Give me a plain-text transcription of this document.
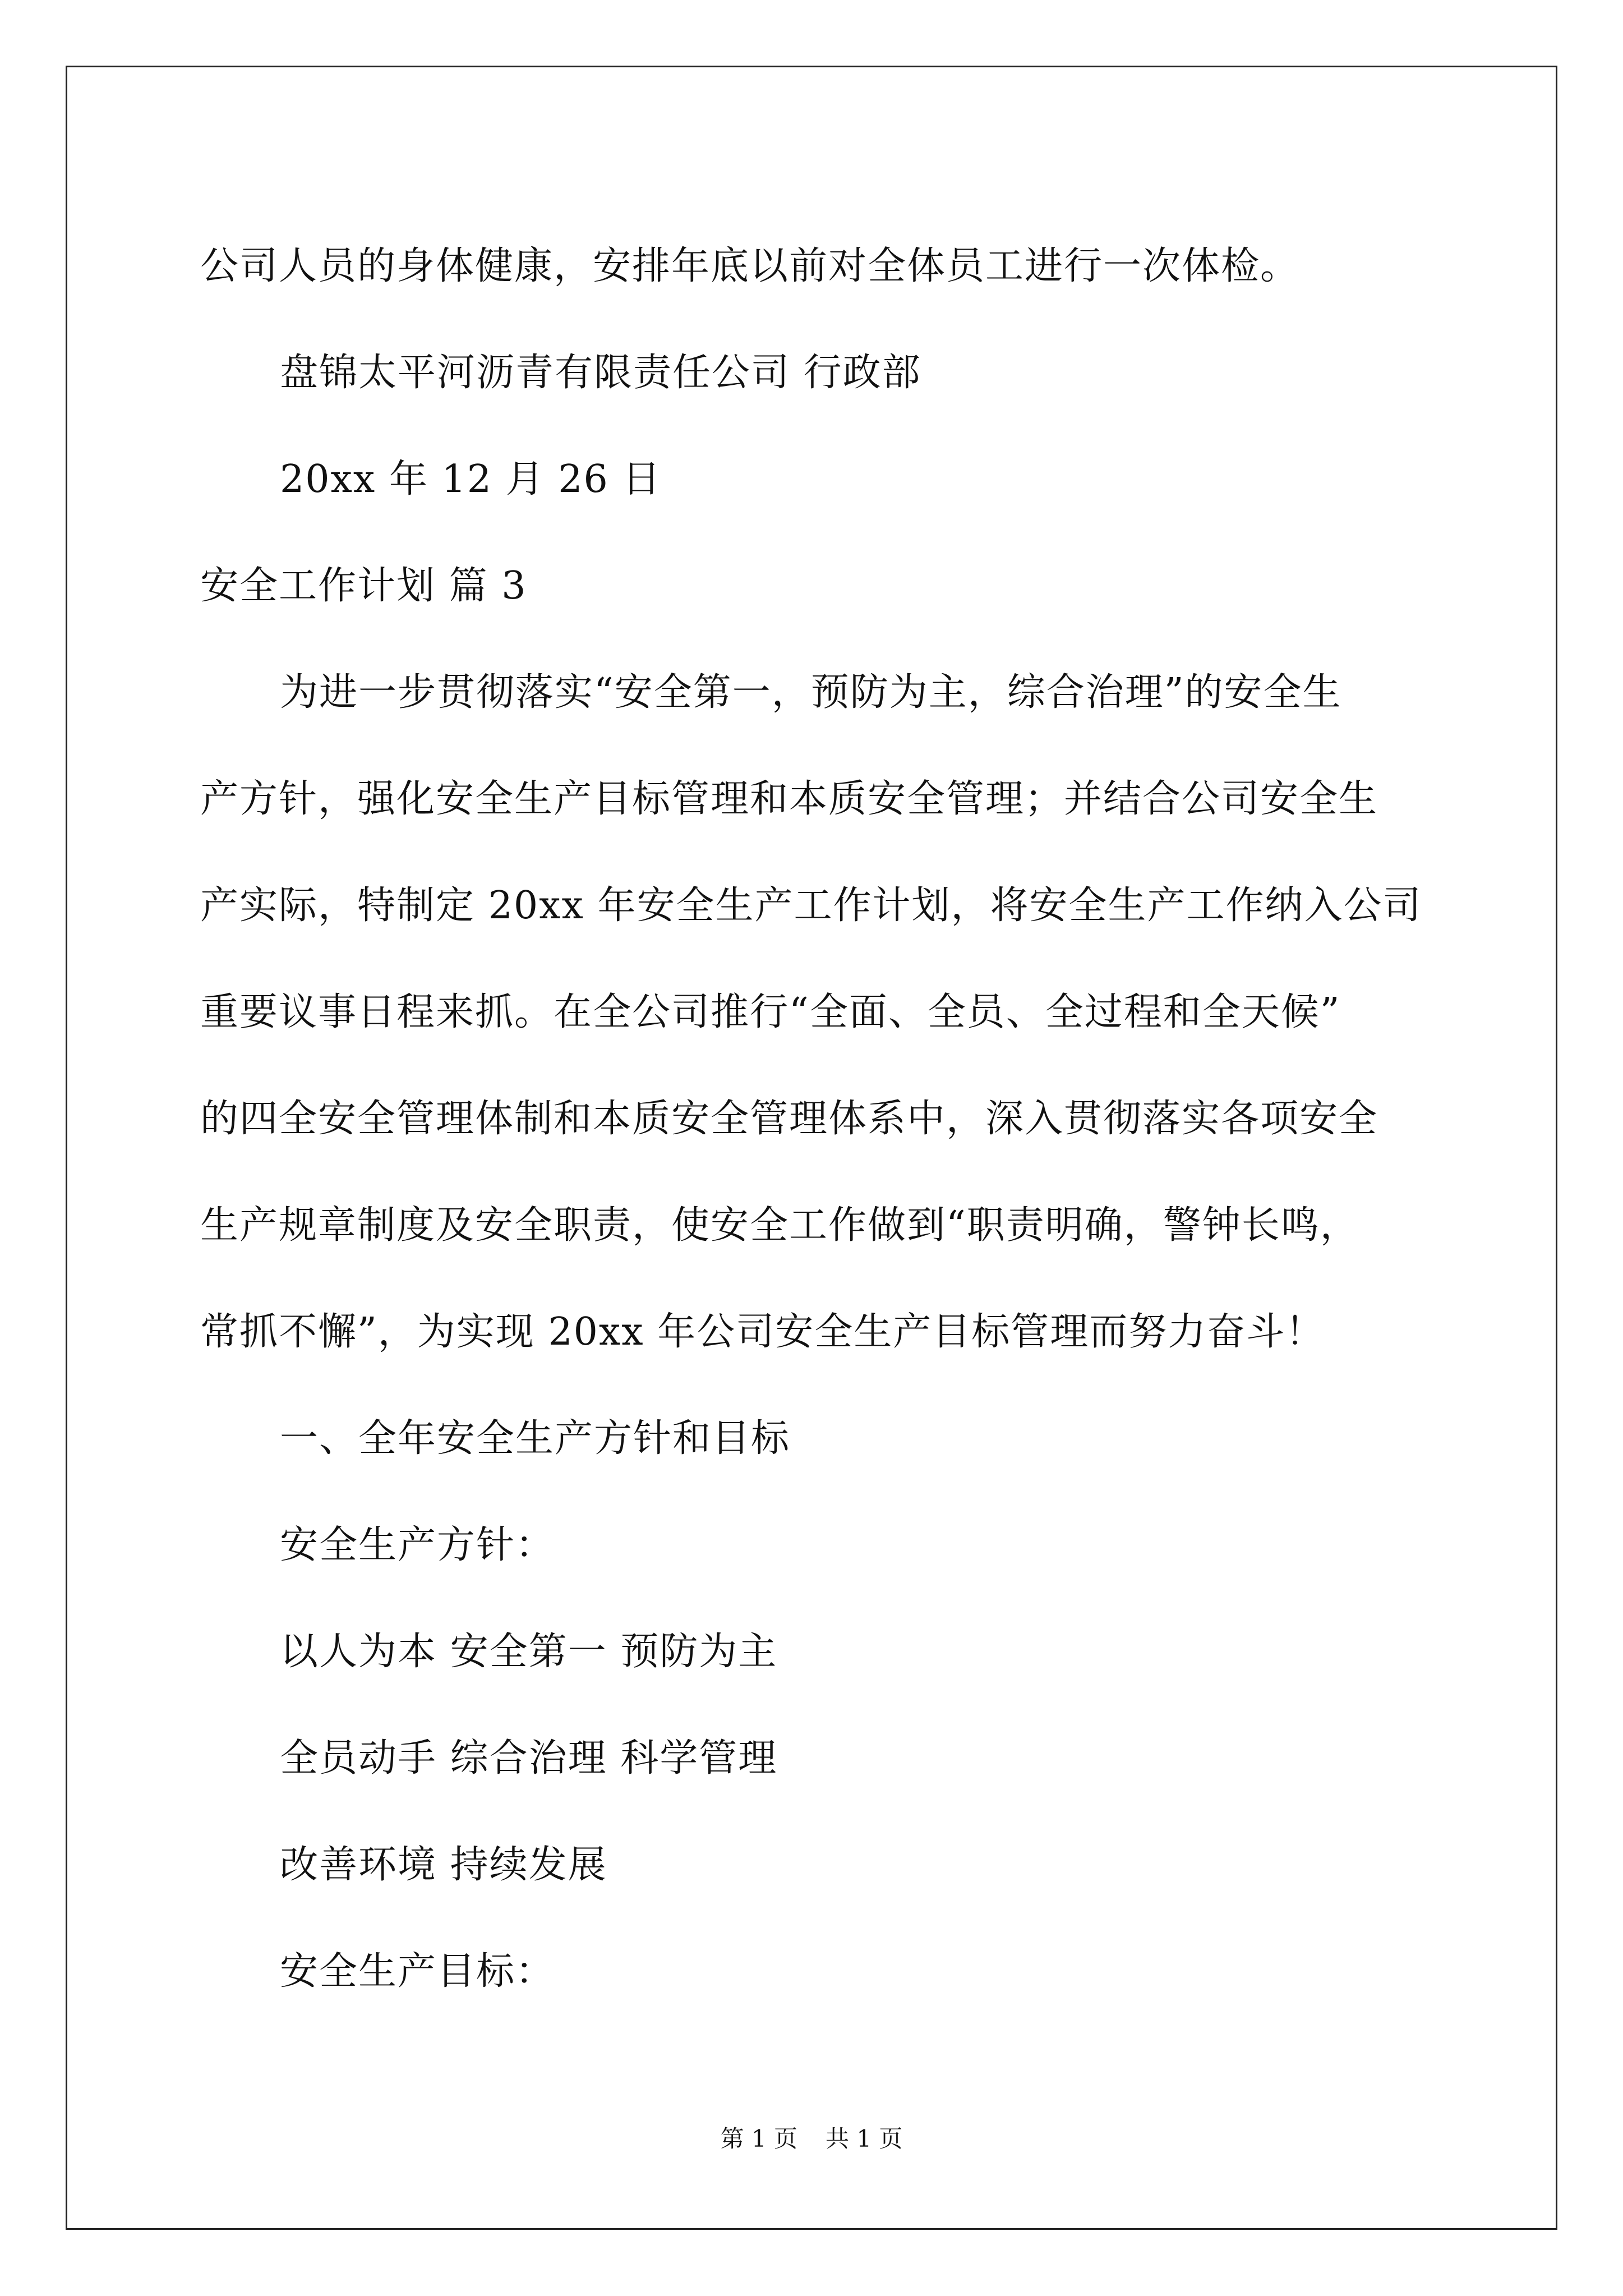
公司人员的身体健康，安排年底以前对全体员工进行一次体检。
盘锦太平河沥青有限责任公司 行政部
20xx 年 12 月 26 日
安全工作计划 篇 3
为进一步贯彻落实“安全第一，预防为主，综合治理”的安全生
产方针，强化安全生产目标管理和本质安全管理；并结合公司安全生
产实际，特制定 20xx 年安全生产工作计划，将安全生产工作纳入公司
重要议事日程来抓。在全公司推行“全面、全员、全过程和全天候”
的四全安全管理体制和本质安全管理体系中，深入贯彻落实各项安全
生产规章制度及安全职责，使安全工作做到“职责明确，警钟长鸣，
常抓不懈”，为实现 20xx 年公司安全生产目标管理而努力奋斗！
一、全年安全生产方针和目标
安全生产方针：
以人为本 安全第一 预防为主
全员动手 综合治理 科学管理
改善环境 持续发展
安全生产目标：
第 1 页 共 1 页
